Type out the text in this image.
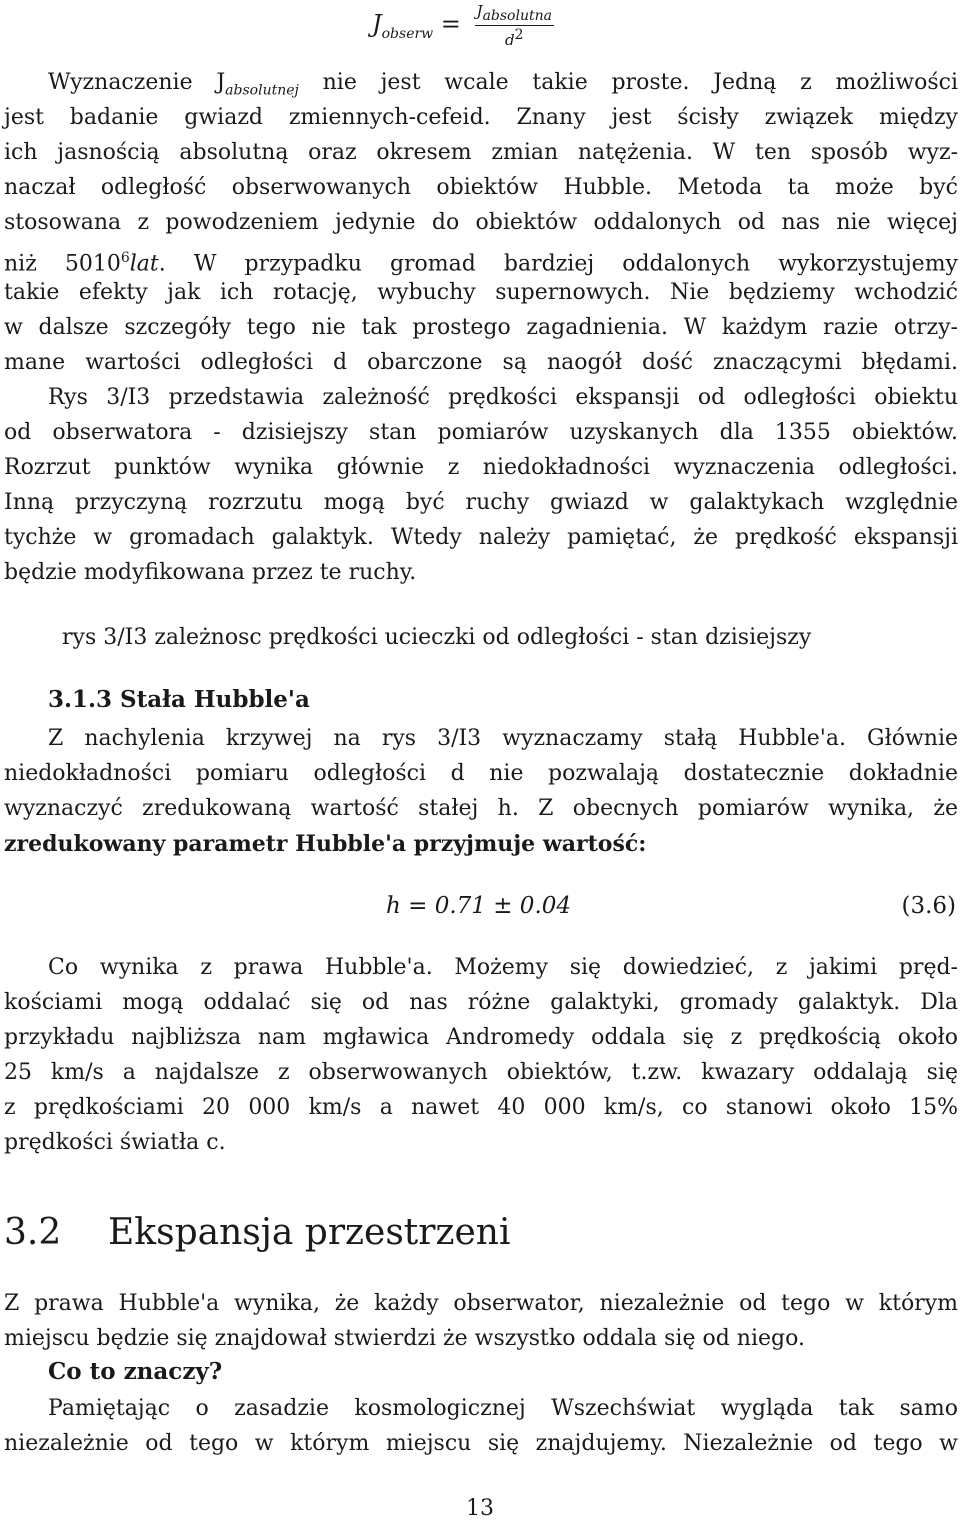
$J_{obserw} = \frac{J_{absolutna}}{d^2}$
Wyznaczenie $J_{absolutnej}$ nie jest wcale takie proste. Jedną z możliwości
jest badanie gwiazd zmiennych-cefeid. Znany jest ścisły związek między
ich jasnością absolutną oraz okresem zmian natężenia. W ten sposób wyz-
naczał odległość obserwowanych obiektów Hubble. Metoda ta może być
stosowana z powodzeniem jedynie do obiektów oddalonych od nas nie więcej
niż 5010$^6$lat. W przypadku gromad bardziej oddalonych wykorzystujemy
takie efekty jak ich rotację, wybuchy supernowych. Nie będziemy wchodzić
w dalsze szczegóły tego nie tak prostego zagadnienia. W każdym razie otrzy-
mane wartości odległości d obarczone są naogół dość znaczącymi błędami.
Rys 3/I3 przedstawia zależność prędkości ekspansji od odległości obiektu
od obserwatora - dzisiejszy stan pomiarów uzyskanych dla 1355 obiektów.
Rozrzut punktów wynika głównie z niedokładności wyznaczenia odległości.
Inną przyczyną rozrzutu mogą być ruchy gwiazd w galaktykach względnie
tychże w gromadach galaktyk. Wtedy należy pamiętać, że prędkość ekspansji
będzie modyfikowana przez te ruchy.
rys 3/I3 zależnosc prędkości ucieczki od odległości - stan dzisiejszy
3.1.3 Stała Hubble'a
Z nachylenia krzywej na rys 3/I3 wyznaczamy stałą Hubble'a. Głównie
niedokładności pomiaru odległości d nie pozwalają dostatecznie dokładnie
wyznaczyć zredukowaną wartość stałej h. Z obecnych pomiarów wynika, że
zredukowany parametr Hubble'a przyjmuje wartość:
h = 0.71 ± 0.04	(3.6)
Co wynika z prawa Hubble'a. Możemy się dowiedzieć, z jakimi pręd-
kościami mogą oddalać się od nas różne galaktyki, gromady galaktyk. Dla
przykładu najbliższa nam mgławica Andromedy oddala się z prędkością około
25 km/s a najdalsze z obserwowanych obiektów, t.zw. kwazary oddalają się
z prędkościami 20 000 km/s a nawet 40 000 km/s, co stanowi około 15%
prędkości światła c.
3.2 Ekspansja przestrzeni
Z prawa Hubble'a wynika, że każdy obserwator, niezależnie od tego w którym
miejscu będzie się znajdował stwierdzi że wszystko oddala się od niego.
Co to znaczy?
Pamiętając o zasadzie kosmologicznej Wszechświat wygląda tak samo
niezależnie od tego w którym miejscu się znajdujemy. Niezależnie od tego w
13
